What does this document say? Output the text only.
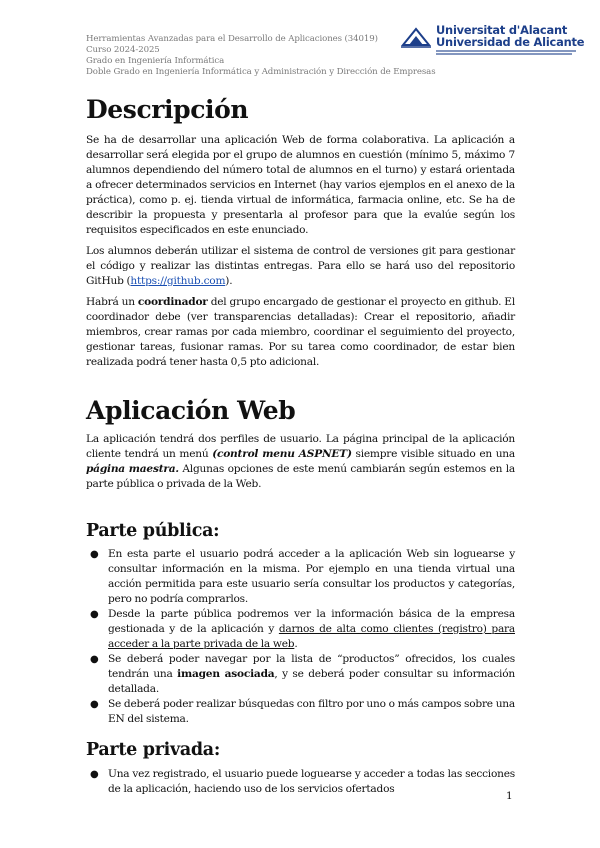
Herramientas Avanzadas para el Desarrollo de Aplicaciones (34019)
Curso 2024-2025
Grado en Ingeniería Informática
Doble Grado en Ingeniería Informática y Administración y Dirección de Empresas
Universitat d'Alacant
Universidad de Alicante
Descripción

Se ha de desarrollar una aplicación Web de forma colaborativa. La aplicación a desarrollar será elegida por el grupo de alumnos en cuestión (mínimo 5, máximo 7 alumnos dependiendo del número total de alumnos en el turno) y estará orientada a ofrecer determinados servicios en Internet (hay varios ejemplos en el anexo de la práctica), como p. ej. tienda virtual de informática, farmacia online, etc. Se ha de describir la propuesta y presentarla al profesor para que la evalúe según los requisitos especificados en este enunciado.

Los alumnos deberán utilizar el sistema de control de versiones git para gestionar el código y realizar las distintas entregas. Para ello se hará uso del repositorio GitHub (https://github.com).

Habrá un coordinador del grupo encargado de gestionar el proyecto en github. El coordinador debe (ver transparencias detalladas): Crear el repositorio, añadir miembros, crear ramas por cada miembro, coordinar el seguimiento del proyecto, gestionar tareas, fusionar ramas. Por su tarea como coordinador, de estar bien realizada podrá tener hasta 0,5 pto adicional.

Aplicación Web

La aplicación tendrá dos perfiles de usuario. La página principal de la aplicación cliente tendrá un menú (control menu ASPNET) siempre visible situado en una página maestra. Algunas opciones de este menú cambiarán según estemos en la parte pública o privada de la Web.

Parte pública:
● En esta parte el usuario podrá acceder a la aplicación Web sin loguearse y consultar información en la misma. Por ejemplo en una tienda virtual una acción permitida para este usuario sería consultar los productos y categorías, pero no podría comprarlos.
● Desde la parte pública podremos ver la información básica de la empresa gestionada y de la aplicación y darnos de alta como clientes (registro) para acceder a la parte privada de la web.
● Se deberá poder navegar por la lista de “productos” ofrecidos, los cuales tendrán una imagen asociada, y se deberá poder consultar su información detallada.
● Se deberá poder realizar búsquedas con filtro por uno o más campos sobre una EN del sistema.
Parte privada:
● Una vez registrado, el usuario puede loguearse y acceder a todas las secciones de la aplicación, haciendo uso de los servicios ofertados
1
